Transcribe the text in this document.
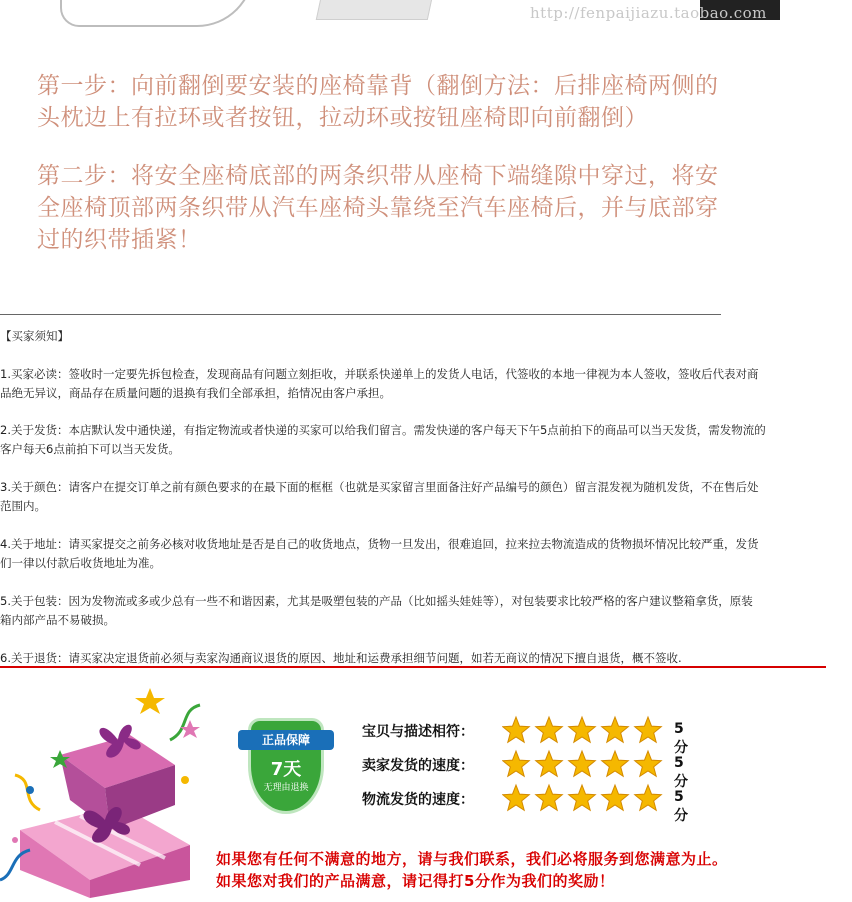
http://fenpaijiazu.taobao.com
第一步：向前翻倒要安装的座椅靠背（翻倒方法：后排座椅两侧的
头枕边上有拉环或者按钮，拉动环或按钮座椅即向前翻倒）
第二步：将安全座椅底部的两条织带从座椅下端缝隙中穿过，将安
全座椅顶部两条织带从汽车座椅头靠绕至汽车座椅后，并与底部穿
过的织带插紧！
【买家须知】
1.买家必读：签收时一定要先拆包检查，发现商品有问题立刻拒收，并联系快递单上的发货人电话，代签收的本地一律视为本人签收，签收后代表对商
品绝无异议，商品存在质量问题的退换有我们全部承担，掐情况由客户承担。
2.关于发货：本店默认发中通快递，有指定物流或者快递的买家可以给我们留言。需发快递的客户每天下午5点前拍下的商品可以当天发货，需发物流的
客户每天6点前拍下可以当天发货。
3.关于颜色：请客户在提交订单之前有颜色要求的在最下面的框框（也就是买家留言里面备注好产品编号的颜色）留言混发视为随机发货，不在售后处
范围内。
4.关于地址：请买家提交之前务必核对收货地址是否是自己的收货地点，货物一旦发出，很难追回，拉来拉去物流造成的货物损坏情况比较严重，发货
们一律以付款后收货地址为准。
5.关于包装：因为发物流或多或少总有一些不和谐因素，尤其是吸塑包装的产品（比如摇头娃娃等），对包装要求比较严格的客户建议整箱拿货，原装
箱内部产品不易破损。
6.关于退货：请买家决定退货前必须与卖家沟通商议退货的原因、地址和运费承担细节问题，如若无商议的情况下擅自退货，概不签收.
正品保障
7天
无理由退换
宝贝与描述相符：	5分
卖家发货的速度：	5分
物流发货的速度：	5分
如果您有任何不满意的地方，请与我们联系，我们必将服务到您满意为止。
如果您对我们的产品满意，请记得打5分作为我们的奖励！
